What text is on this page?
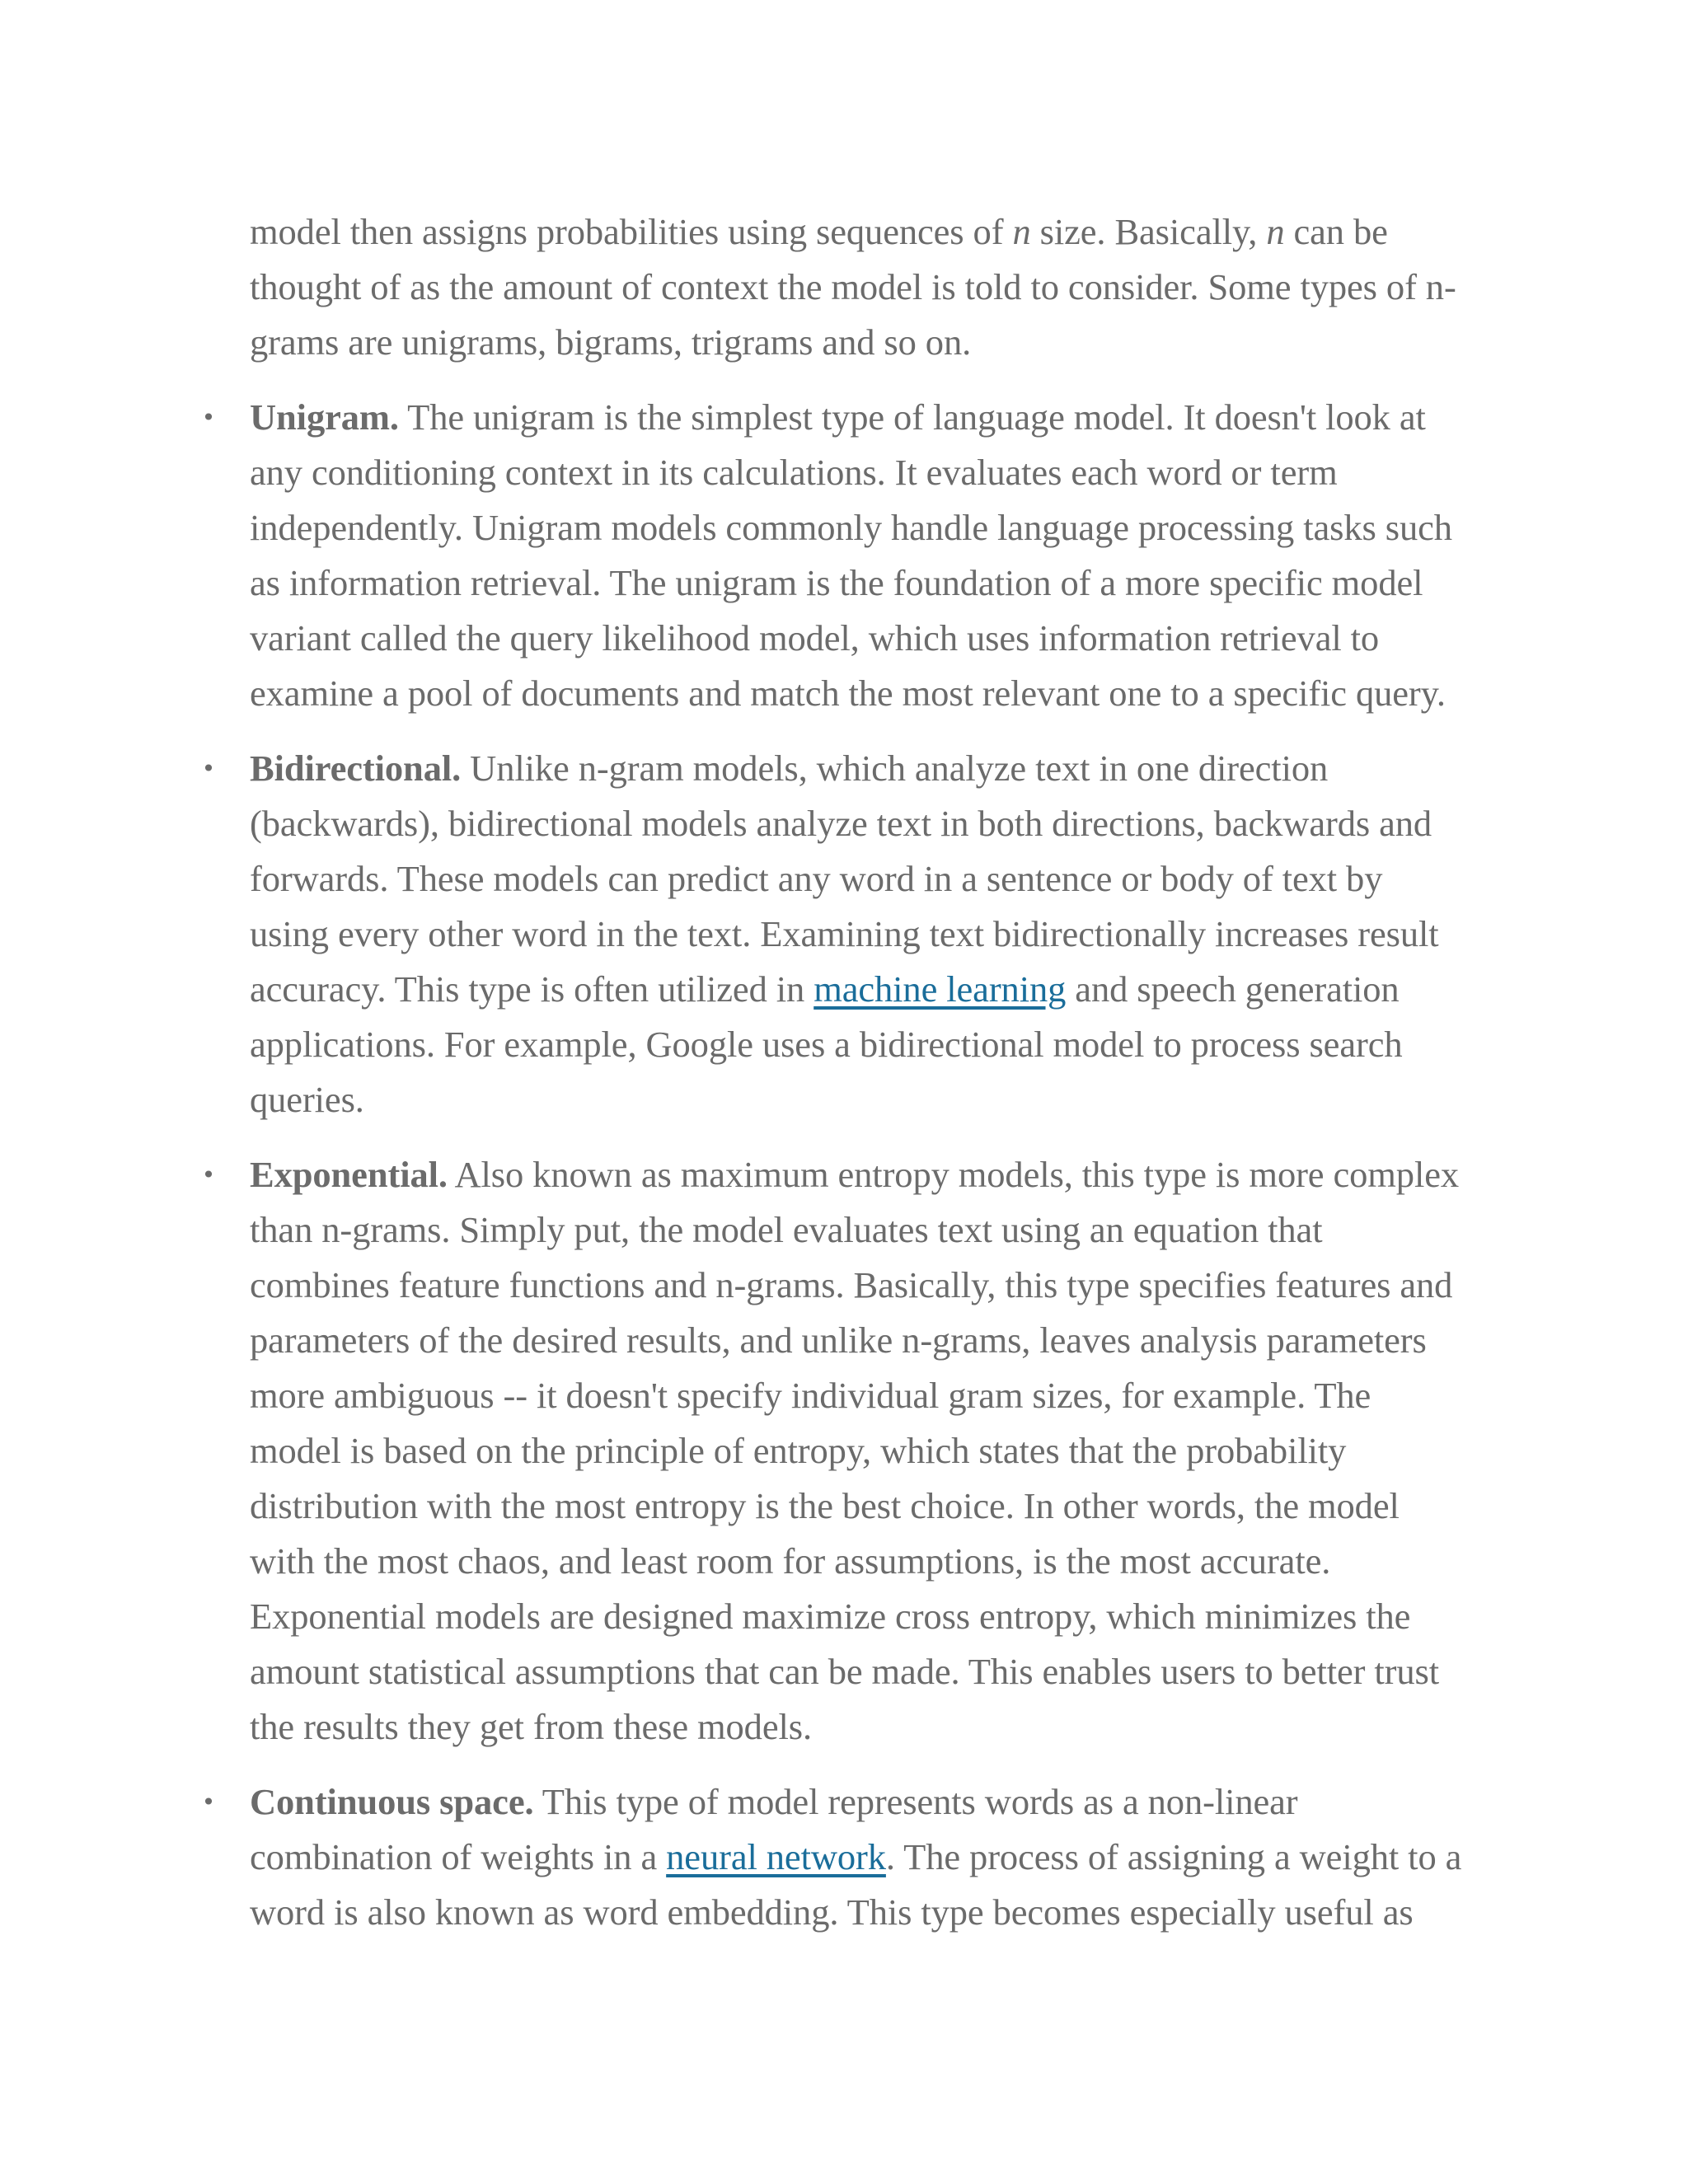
model then assigns probabilities using sequences of n size. Basically, n can be
thought of as the amount of context the model is told to consider. Some types of n-
grams are unigrams, bigrams, trigrams and so on.
• Unigram. The unigram is the simplest type of language model. It doesn't look at
any conditioning context in its calculations. It evaluates each word or term
independently. Unigram models commonly handle language processing tasks such
as information retrieval. The unigram is the foundation of a more specific model
variant called the query likelihood model, which uses information retrieval to
examine a pool of documents and match the most relevant one to a specific query.
• Bidirectional. Unlike n-gram models, which analyze text in one direction
(backwards), bidirectional models analyze text in both directions, backwards and
forwards. These models can predict any word in a sentence or body of text by
using every other word in the text. Examining text bidirectionally increases result
accuracy. This type is often utilized in machine learning and speech generation
applications. For example, Google uses a bidirectional model to process search
queries.
• Exponential. Also known as maximum entropy models, this type is more complex
than n-grams. Simply put, the model evaluates text using an equation that
combines feature functions and n-grams. Basically, this type specifies features and
parameters of the desired results, and unlike n-grams, leaves analysis parameters
more ambiguous -- it doesn't specify individual gram sizes, for example. The
model is based on the principle of entropy, which states that the probability
distribution with the most entropy is the best choice. In other words, the model
with the most chaos, and least room for assumptions, is the most accurate.
Exponential models are designed maximize cross entropy, which minimizes the
amount statistical assumptions that can be made. This enables users to better trust
the results they get from these models.
• Continuous space. This type of model represents words as a non-linear
combination of weights in a neural network. The process of assigning a weight to a
word is also known as word embedding. This type becomes especially useful as
